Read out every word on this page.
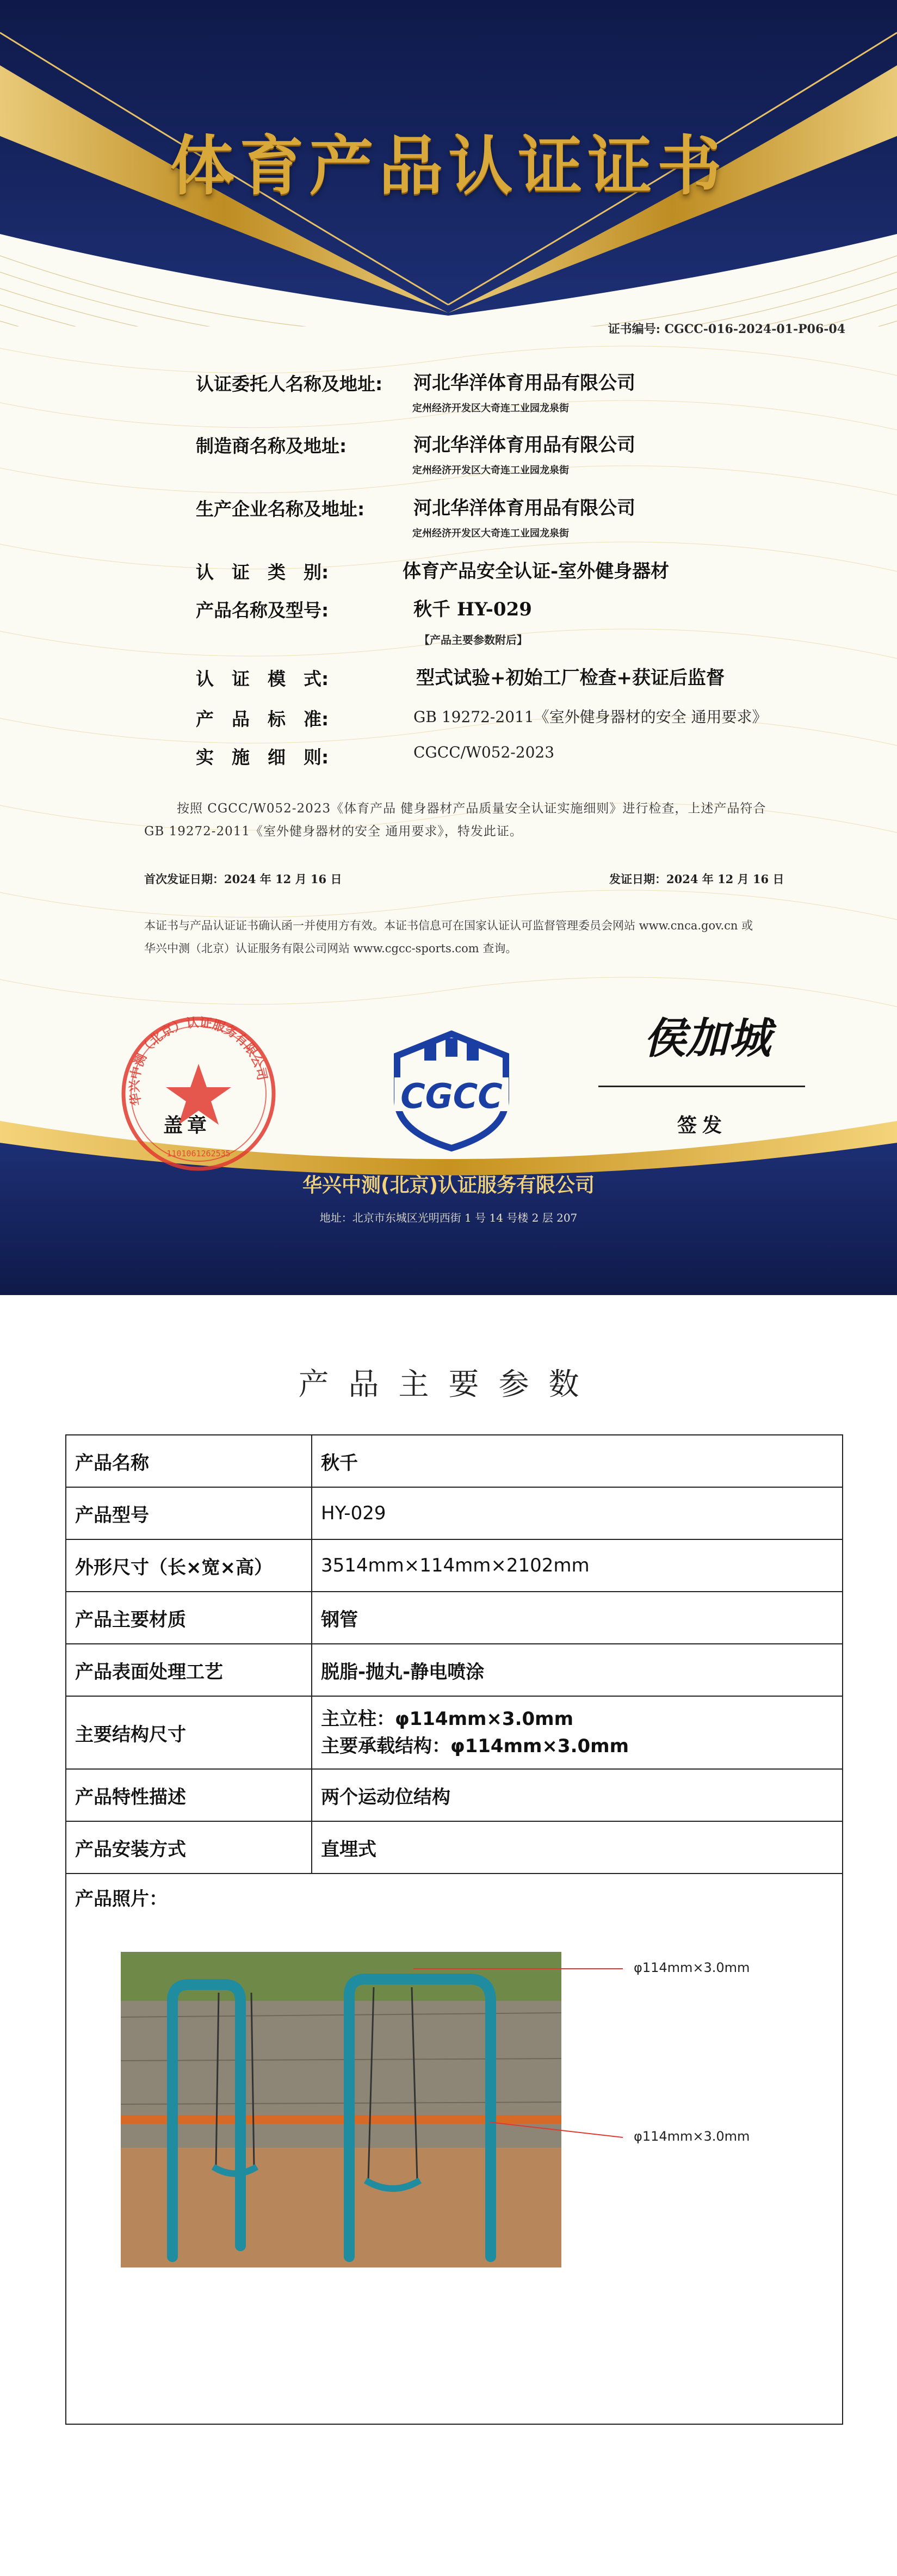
体育产品认证证书
证书编号: CGCC-016-2024-01-P06-04
认证委托人名称及地址: 河北华洋体育用品有限公司
定州经济开发区大奇连工业园龙泉街
制造商名称及地址:	河北华洋体育用品有限公司
定州经济开发区大奇连工业园龙泉街
生产企业名称及地址:	河北华洋体育用品有限公司
定州经济开发区大奇连工业园龙泉街
认　证　类　别:	体育产品安全认证-室外健身器材
产品名称及型号:	秋千 HY-029
【产品主要参数附后】
认　证　模　式:	型式试验+初始工厂检查+获证后监督
产　品　标　准:	GB 19272-2011《室外健身器材的安全 通用要求》
实　施　细　则:	CGCC/W052-2023
按照 CGCC/W052-2023《体育产品 健身器材产品质量安全认证实施细则》进行检查，上述产品符合 GB 19272-2011《室外健身器材的安全 通用要求》，特发此证。
首次发证日期：2024 年 12 月 16 日	发证日期：2024 年 12 月 16 日
本证书与产品认证证书确认函一并使用方有效。本证书信息可在国家认证认可监督管理委员会网站 www.cnca.gov.cn 或华兴中测（北京）认证服务有限公司网站 www.cgcc-sports.com 查询。
华兴中测（北京）认证服务有限公司
1101061262535
盖章
CGCC
侯加城
签发
华兴中测(北京)认证服务有限公司
地址：北京市东城区光明西街 1 号 14 号楼 2 层 207
产品主要参数
产品名称	秋千
产品型号	HY-029
外形尺寸（长×宽×高）	3514mm×114mm×2102mm
产品主要材质	钢管
产品表面处理工艺	脱脂-抛丸-静电喷涂
主要结构尺寸	主立柱：φ114mm×3.0mm
主要承载结构：φ114mm×3.0mm

产品特性描述	两个运动位结构
产品安装方式	直埋式

产品照片：	
φ114mm×3.0mm
φ114mm×3.0mm
